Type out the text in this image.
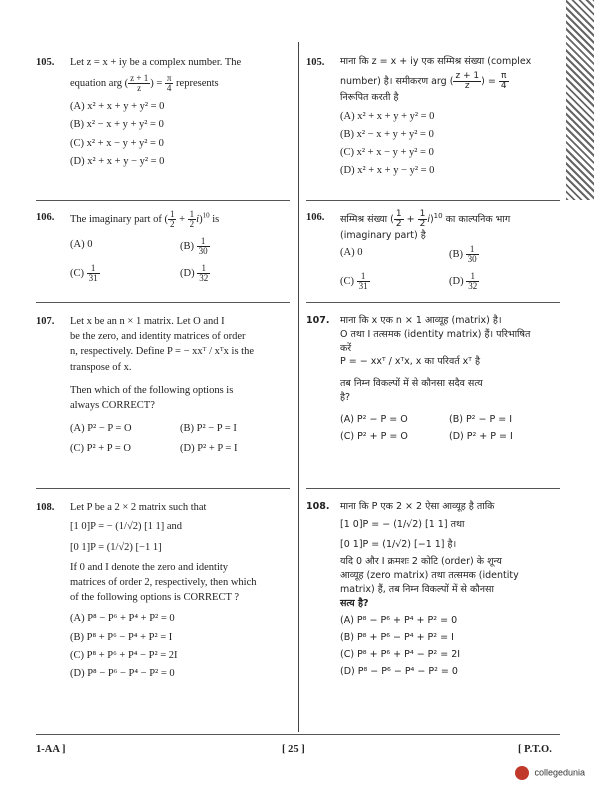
105. Let z = x + iy be a complex number. The
equation arg ( $\frac{z + 1}{z}$ ) = $\frac{\pi}{4}$ represents
(A) x² + x + y + y² = 0
(B) x² − x + y + y² = 0
(C) x² + x − y + y² = 0
(D) x² + x + y − y² = 0
105. माना कि z = x + iy एक सम्मिश्र संख्या (complex
number) है। समीकरण arg ( $\frac{z + 1}{z}$ ) = $\frac{\pi}{4}$
निरूपित करती है
(A) x² + x + y + y² = 0
(B) x² − x + y + y² = 0
(C) x² + x − y + y² = 0
(D) x² + x + y − y² = 0
106. The imaginary part of ( $\frac{1}{2} + \frac{1}{2} i)^{10}$ is
(A) 0	$(B) \frac{1}{30}$
$(C) \frac{1}{31}$	$(D) \frac{1}{32}$
106. सम्मिश्र संख्या ( $\frac{1}{2} + \frac{1}{2} i)^{10}$ का काल्पनिक भाग
(imaginary part) है
(A) 0	$(B) \frac{1}{30}$
$(C) \frac{1}{31}$	$(D) \frac{1}{32}$
107. Let x be an n × 1 matrix. Let O and I
be the zero, and identity matrices of order
n, respectively. Define P = − xxᵀ / xᵀx is the
transpose of x.
Then which of the following options is
always CORRECT?
(A) P² − P = O	(B) P² − P = I
(C) P² + P = O	(D) P² + P = I
107. माना कि x एक n × 1 आव्यूह (matrix) है।
O तथा I तत्समक (identity matrix) हैं। परिभाषित
करें
P = − xxᵀ / xᵀx, x का परिवर्त xᵀ है
तब निम्न विकल्पों में से कौनसा सदैव सत्य
है?
(A) P² − P = O	(B) P² − P = I
(C) P² + P = O	(D) P² + P = I
108. Let P be a 2 × 2 matrix such that
[1 0]P = − (1/√2) [1 1] and
[0 1]P = (1/√2) [−1 1]
If 0 and I denote the zero and identity
matrices of order 2, respectively, then which
of the following options is CORRECT ?
(A) P⁸ − P⁶ + P⁴ + P² = 0
(B) P⁸ + P⁶ − P⁴ + P² = I
(C) P⁸ + P⁶ + P⁴ − P² = 2I
(D) P⁸ − P⁶ − P⁴ − P² = 0
108. माना कि P एक 2 × 2 ऐसा आव्यूह है ताकि
[1 0]P = − (1/√2) [1 1] तथा
[0 1]P = (1/√2) [−1 1] है।
यदि 0 और I क्रमशः 2 कोटि (order) के शून्य
आव्यूह (zero matrix) तथा तत्समक (identity
matrix) हैं, तब निम्न विकल्पों में से कौनसा
सत्य है?
(A) P⁸ − P⁶ + P⁴ + P² = 0
(B) P⁸ + P⁶ − P⁴ + P² = I
(C) P⁸ + P⁶ + P⁴ − P² = 2I
(D) P⁸ − P⁶ − P⁴ − P² = 0
1-AA ]	[ 25 ]	[ P.T.O.
collegedunia
